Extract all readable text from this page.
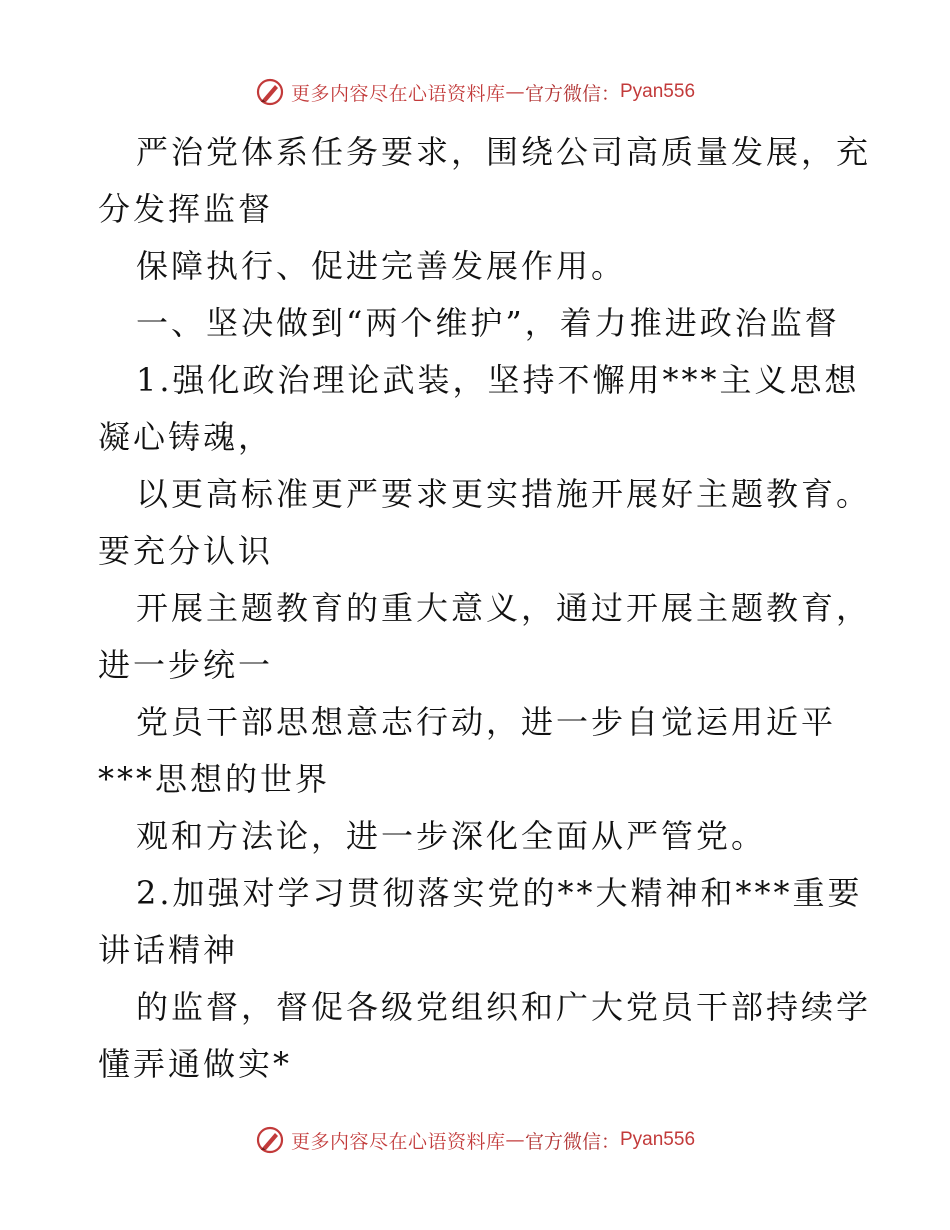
更多内容尽在心语资料库 — 官方微信： Pyan556
严治党体系任务要求，围绕公司高质量发展，充
分发挥监督
保障执行、促进完善发展作用。
一、坚决做到“两个维护”，着力推进政治监督
1.强化政治理论武装，坚持不懈用***主义思想
凝心铸魂，
以更高标准更严要求更实措施开展好主题教育。
要充分认识
开展主题教育的重大意义，通过开展主题教育，
进一步统一
党员干部思想意志行动，进一步自觉运用近平
***思想的世界
观和方法论，进一步深化全面从严管党。
2.加强对学习贯彻落实党的**大精神和***重要
讲话精神
的监督，督促各级党组织和广大党员干部持续学
懂弄通做实*
更多内容尽在心语资料库 — 官方微信： Pyan556
